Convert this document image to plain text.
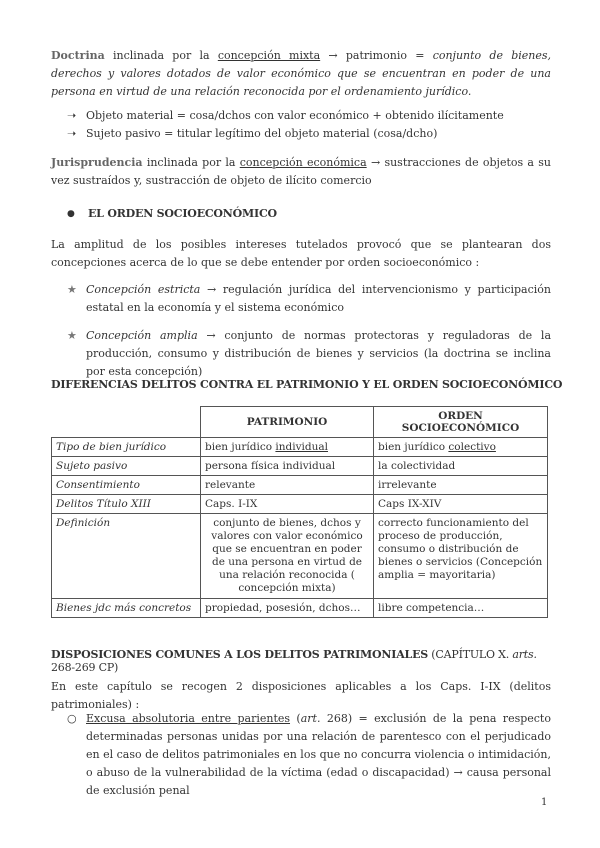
Doctrina inclinada por la concepción mixta → patrimonio = conjunto de bienes, derechos y valores dotados de valor económico que se encuentran en poder de una persona en virtud de una relación reconocida por el ordenamiento jurídico.

➝ Objeto material = cosa/dchos con valor económico + obtenido ilícitamente
➝ Sujeto pasivo = titular legítimo del objeto material (cosa/dcho)

Jurisprudencia inclinada por la concepción económica → sustracciones de objetos a su vez sustraídos y, sustracción de objeto de ilícito comercio

● EL ORDEN SOCIOECONÓMICO

La amplitud de los posibles intereses tutelados provocó que se plantearan dos concepciones acerca de lo que se debe entender por orden socioeconómico :

★ Concepción estricta → regulación jurídica del intervencionismo y participación estatal en la economía y el sistema económico

★ Concepción amplia → conjunto de normas protectoras y reguladoras de la producción, consumo y distribución de bienes y servicios (la doctrina se inclina por esta concepción)

DIFERENCIAS DELITOS CONTRA EL PATRIMONIO Y EL ORDEN SOCIOECONÓMICO
	PATRIMONIO	ORDEN SOCIOECONÓMICO
Tipo de bien jurídico	bien jurídico individual	bien jurídico colectivo
Sujeto pasivo	persona física individual	la colectividad
Consentimiento	relevante	irrelevante
Delitos Título XIII	Caps. I-IX	Caps IX-XIV
Definición	conjunto de bienes, dchos y valores con valor económico que se encuentran en poder de una persona en virtud de una relación reconocida ( concepción mixta)	correcto funcionamiento del proceso de producción, consumo o distribución de bienes o servicios (Concepción amplia = mayoritaria)
Bienes jdc más concretos	propiedad, posesión, dchos…	libre competencia…

DISPOSICIONES COMUNES A LOS DELITOS PATRIMONIALES (CAPÍTULO X. arts. 268-269 CP)

En este capítulo se recogen 2 disposiciones aplicables a los Caps. I-IX (delitos patrimoniales) :

○ Excusa absolutoria entre parientes (art. 268) = exclusión de la pena respecto determinadas personas unidas por una relación de parentesco con el perjudicado en el caso de delitos patrimoniales en los que no concurra violencia o intimidación, o abuso de la vulnerabilidad de la víctima (edad o discapacidad) → causa personal de exclusión penal

1
